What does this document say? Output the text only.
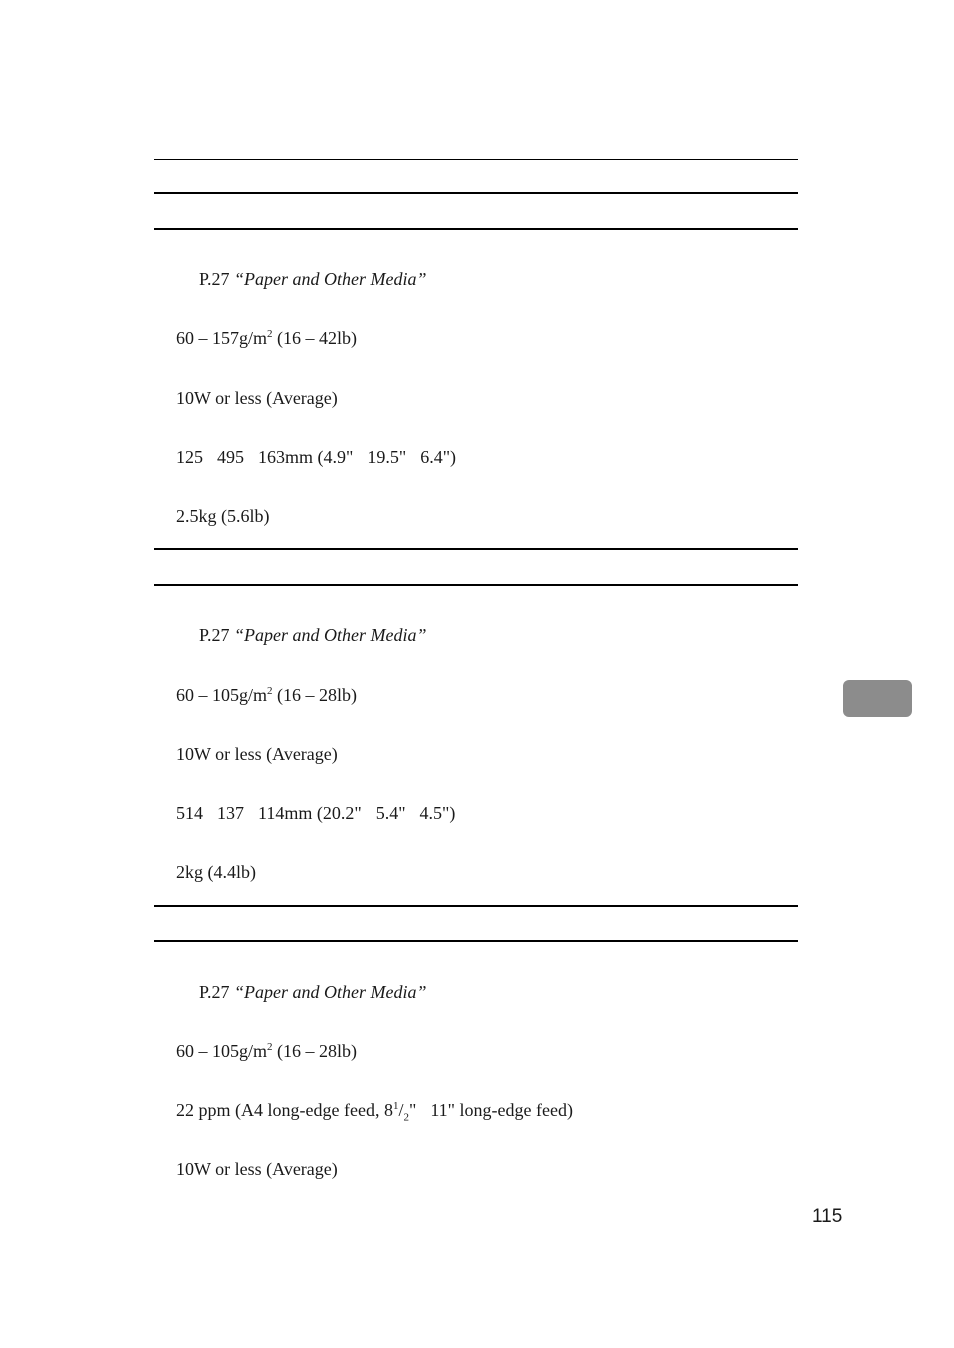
P.27 “Paper and Other Media”
$60 - 157g/m^2$ (16 – 42lb)
10W or less (Average)
125 495 163mm (4.9" 19.5" 6.4")
2.5kg (5.6lb)
P.27 “Paper and Other Media”
$60 - 105g/m^2$ (16 – 28lb)
10W or less (Average)
514 137 114mm (20.2" 5.4" 4.5")
2kg (4.4lb)
P.27 “Paper and Other Media”
$60 - 105g/m^2$ (16 – 28lb)
22 ppm (A4 long-edge feed, $8^1/_2$" 11" long-edge feed)
10W or less (Average)
115
